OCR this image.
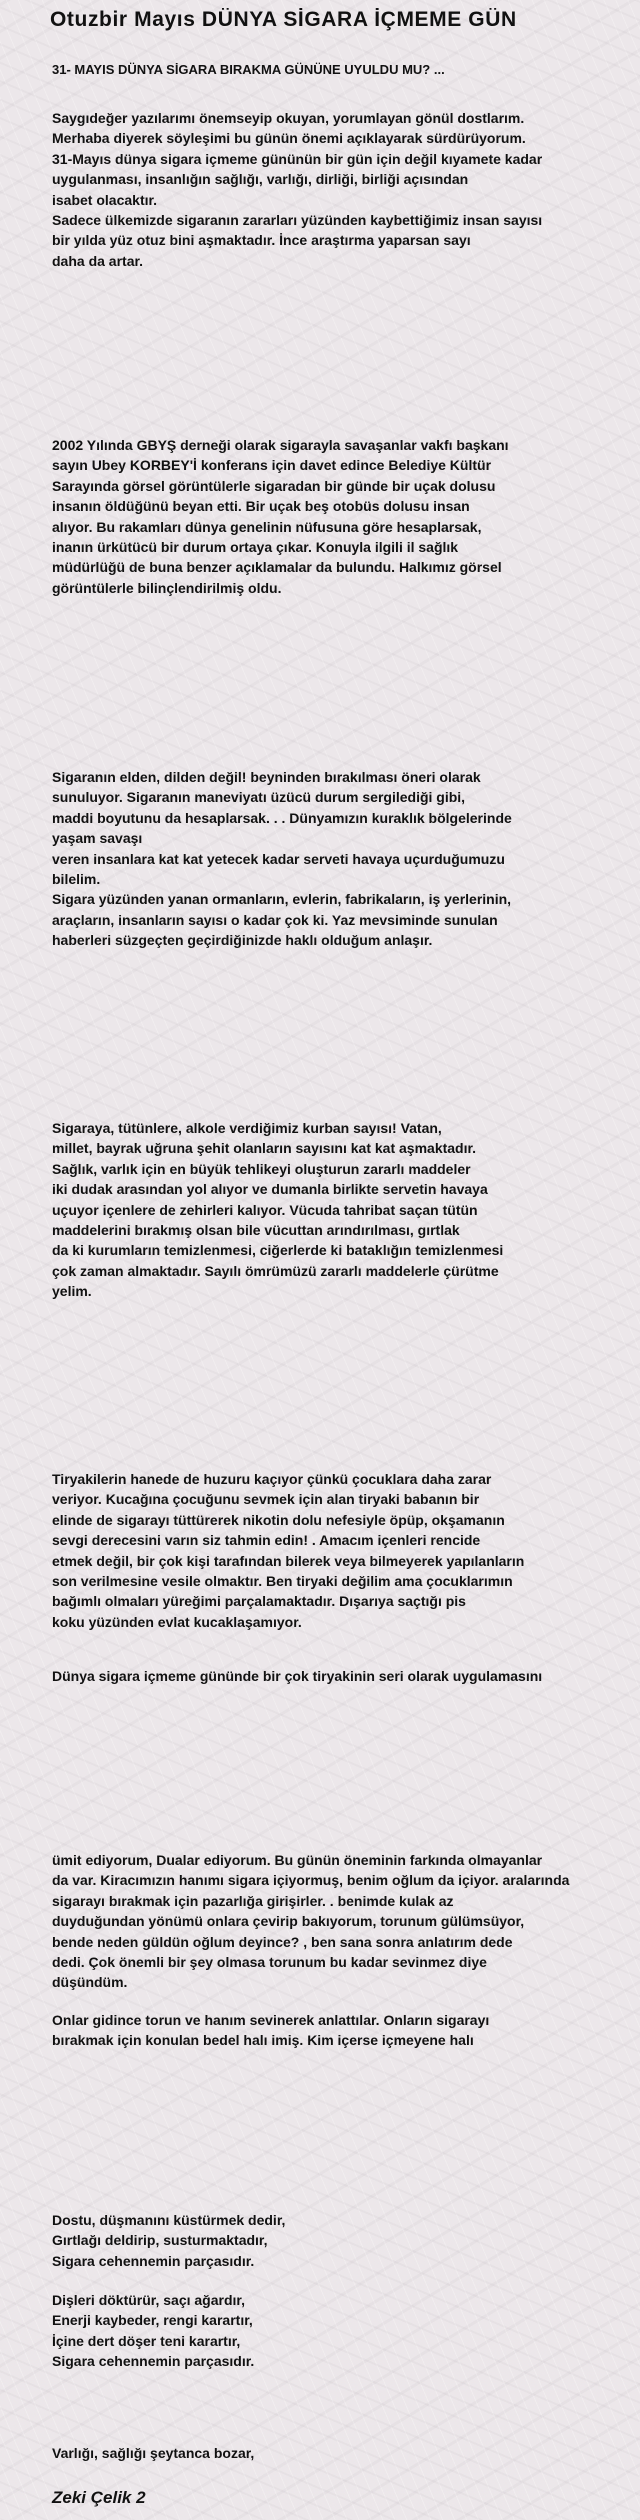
Otuzbir Mayıs DÜNYA SİGARA İÇMEME GÜN
31- MAYIS DÜNYA SİGARA BIRAKMA GÜNÜNE UYULDU MU? ...
Saygıdeğer yazılarımı önemseyip okuyan, yorumlayan gönül dostlarım.
Merhaba diyerek söyleşimi bu günün önemi açıklayarak sürdürüyorum.
31-Mayıs dünya sigara içmeme gününün bir gün için değil kıyamete kadar
uygulanması, insanlığın sağlığı, varlığı, dirliği, birliği açısından
isabet olacaktır.
Sadece ülkemizde sigaranın zararları yüzünden kaybettiğimiz insan sayısı
bir yılda yüz otuz bini aşmaktadır. İnce araştırma yaparsan sayı
daha da artar.
2002 Yılında GBYŞ derneği olarak sigarayla savaşanlar vakfı başkanı
sayın Ubey KORBEY'İ konferans için davet edince Belediye Kültür
Sarayında görsel görüntülerle sigaradan bir günde bir uçak dolusu
insanın öldüğünü beyan etti. Bir uçak beş otobüs dolusu insan
alıyor. Bu rakamları dünya genelinin nüfusuna göre hesaplarsak,
inanın ürkütücü bir durum ortaya çıkar. Konuyla ilgili il sağlık
müdürlüğü de buna benzer açıklamalar da bulundu. Halkımız görsel
görüntülerle bilinçlendirilmiş oldu.
Sigaranın elden, dilden değil! beyninden bırakılması öneri olarak
sunuluyor. Sigaranın maneviyatı üzücü durum sergilediği gibi,
maddi boyutunu da hesaplarsak. . . Dünyamızın kuraklık bölgelerinde
yaşam savaşı
veren insanlara kat kat yetecek kadar serveti havaya uçurduğumuzu
bilelim.
Sigara yüzünden yanan ormanların, evlerin, fabrikaların, iş yerlerinin,
araçların, insanların sayısı o kadar çok ki. Yaz mevsiminde sunulan
haberleri süzgeçten geçirdiğinizde haklı olduğum anlaşır.
Sigaraya, tütünlere, alkole verdiğimiz kurban sayısı! Vatan,
millet, bayrak uğruna şehit olanların sayısını kat kat aşmaktadır.
Sağlık, varlık için en büyük tehlikeyi oluşturun zararlı maddeler
iki dudak arasından yol alıyor ve dumanla birlikte servetin havaya
uçuyor içenlere de zehirleri kalıyor. Vücuda tahribat saçan tütün
maddelerini bırakmış olsan bile vücuttan arındırılması, gırtlak
da ki kurumların temizlenmesi, ciğerlerde ki bataklığın temizlenmesi
çok zaman almaktadır. Sayılı ömrümüzü zararlı maddelerle çürütme
yelim.
Tiryakilerin hanede de huzuru kaçıyor çünkü çocuklara daha zarar
veriyor. Kucağına çocuğunu sevmek için alan tiryaki babanın bir
elinde de sigarayı tüttürerek nikotin dolu nefesiyle öpüp, okşamanın
sevgi derecesini varın siz tahmin edin! . Amacım içenleri rencide
etmek değil, bir çok kişi tarafından bilerek veya bilmeyerek yapılanların
son verilmesine vesile olmaktır. Ben tiryaki değilim ama çocuklarımın
bağımlı olmaları yüreğimi parçalamaktadır. Dışarıya saçtığı pis
koku yüzünden evlat kucaklaşamıyor.
Dünya sigara içmeme gününde bir çok tiryakinin seri olarak uygulamasını
ümit ediyorum, Dualar ediyorum. Bu günün öneminin farkında olmayanlar
da var. Kiracımızın hanımı sigara içiyormuş, benim oğlum da içiyor. aralarında
sigarayı bırakmak için pazarlığa girişirler. . benimde kulak az
duyduğundan yönümü onlara çevirip bakıyorum, torunum gülümsüyor,
bende neden güldün oğlum deyince? , ben sana sonra anlatırım dede
dedi. Çok önemli bir şey olmasa torunum bu kadar sevinmez diye
düşündüm.
Onlar gidince torun ve hanım sevinerek anlattılar. Onların sigarayı
bırakmak için konulan bedel halı imiş. Kim içerse içmeyene halı
Dostu, düşmanını küstürmek dedir,
Gırtlağı deldirip, susturmaktadır,
Sigara cehennemin parçasıdır.
Dişleri döktürür, saçı ağardır,
Enerji kaybeder, rengi karartır,
İçine dert döşer teni karartır,
Sigara cehennemin parçasıdır.
Varlığı, sağlığı şeytanca bozar,
Zeki Çelik 2
